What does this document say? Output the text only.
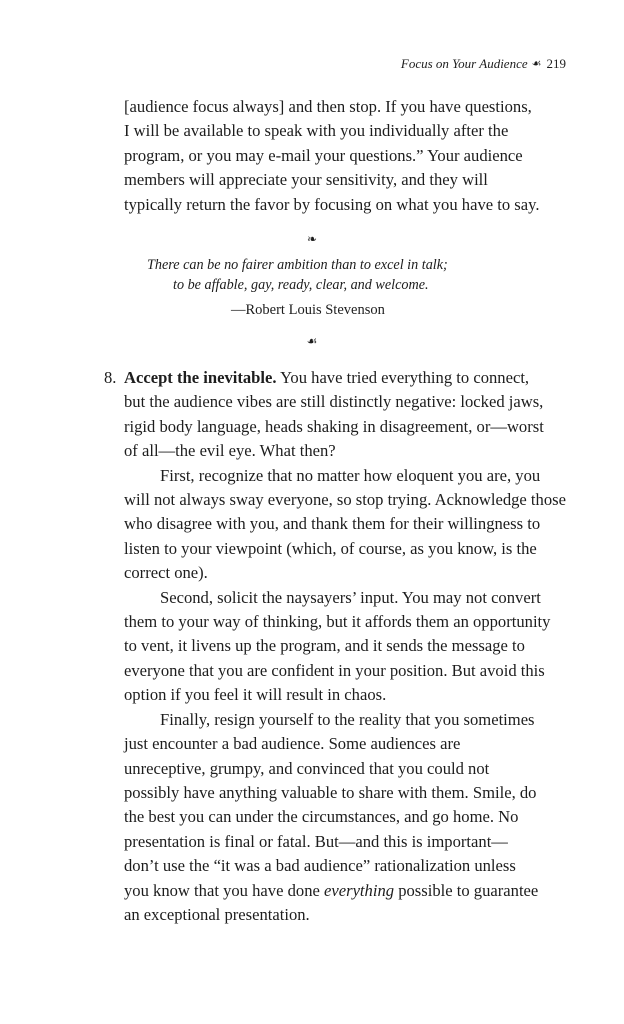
Focus on Your Audience ☙ 219
[audience focus always] and then stop. If you have questions,
I will be available to speak with you individually after the
program, or you may e-mail your questions.” Your audience
members will appreciate your sensitivity, and they will
typically return the favor by focusing on what you have to say.
❧
There can be no fairer ambition than to excel in talk;
to be affable, gay, ready, clear, and welcome.
—Robert Louis Stevenson
☙
8. Accept the inevitable. You have tried everything to connect,
but the audience vibes are still distinctly negative: locked jaws,
rigid body language, heads shaking in disagreement, or—worst
of all—the evil eye. What then?
First, recognize that no matter how eloquent you are, you
will not always sway everyone, so stop trying. Acknowledge those
who disagree with you, and thank them for their willingness to
listen to your viewpoint (which, of course, as you know, is the
correct one).
Second, solicit the naysayers’ input. You may not convert
them to your way of thinking, but it affords them an opportunity
to vent, it livens up the program, and it sends the message to
everyone that you are confident in your position. But avoid this
option if you feel it will result in chaos.
Finally, resign yourself to the reality that you sometimes
just encounter a bad audience. Some audiences are
unreceptive, grumpy, and convinced that you could not
possibly have anything valuable to share with them. Smile, do
the best you can under the circumstances, and go home. No
presentation is final or fatal. But—and this is important—
don’t use the “it was a bad audience” rationalization unless
you know that you have done everything possible to guarantee
an exceptional presentation.
